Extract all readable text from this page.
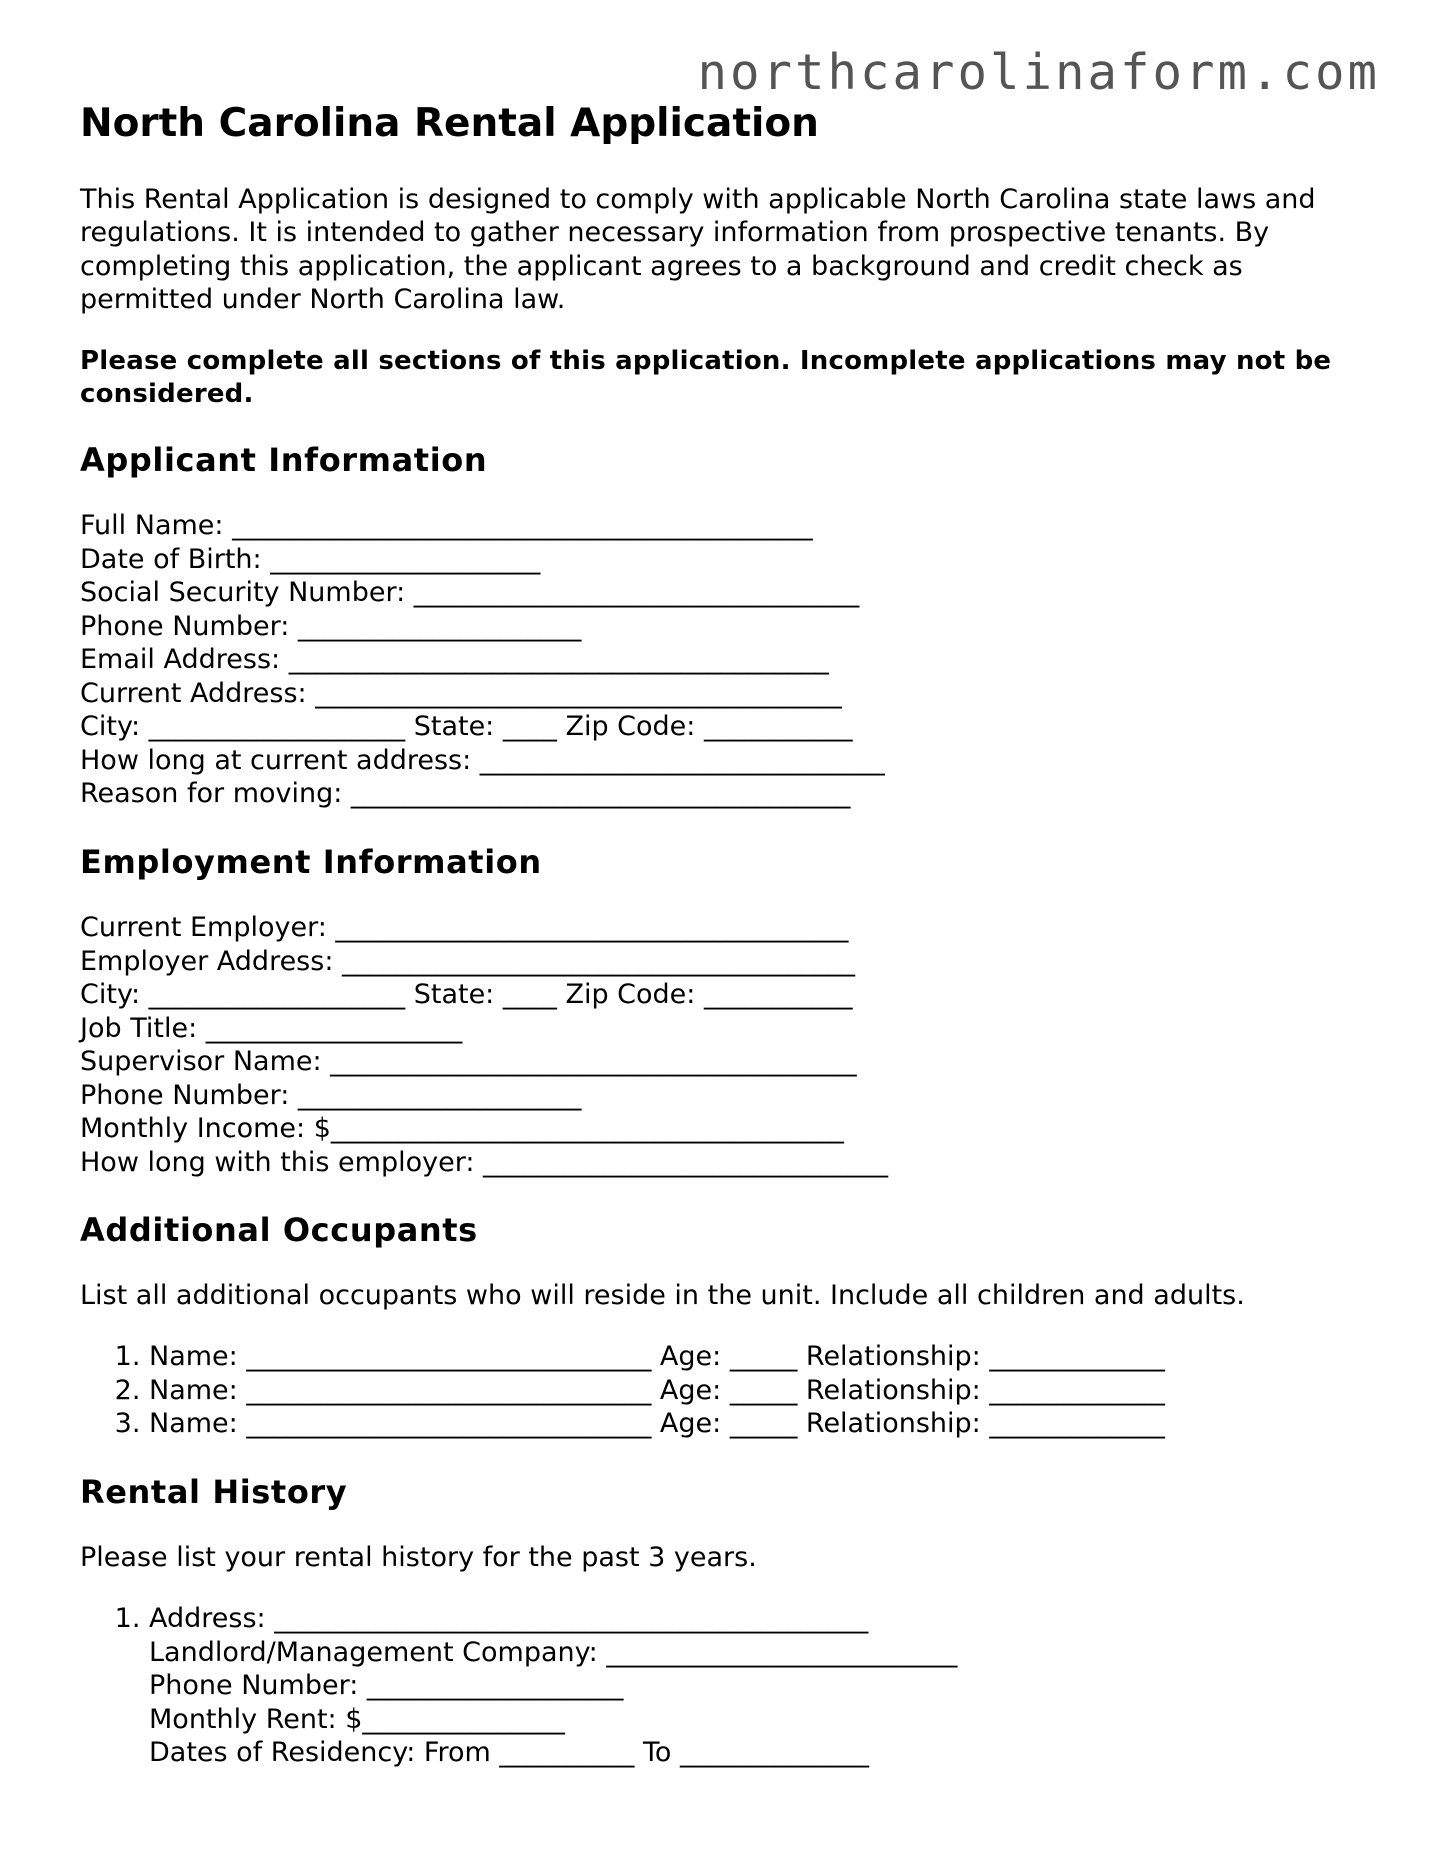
northcarolinaform.com
North Carolina Rental Application

This Rental Application is designed to comply with applicable North Carolina state laws and regulations. It is intended to gather necessary information from prospective tenants. By completing this application, the applicant agrees to a background and credit check as permitted under North Carolina law.

Please complete all sections of this application. Incomplete applications may not be considered.

Applicant Information
Full Name: ___________________________________________
Date of Birth: ____________________
Social Security Number: _________________________________
Phone Number: _____________________
Email Address: ________________________________________
Current Address: _______________________________________
City: ___________________ State: ____ Zip Code: ___________
How long at current address: ______________________________
Reason for moving: _____________________________________
Employment Information
Current Employer: ______________________________________
Employer Address: ______________________________________
City: ___________________ State: ____ Zip Code: ___________
Job Title: ___________________
Supervisor Name: _______________________________________
Phone Number: _____________________
Monthly Income: $______________________________________
How long with this employer: ______________________________
Additional Occupants

List all additional occupants who will reside in the unit. Include all children and adults.

1. Name: ______________________________ Age: _____ Relationship: _____________
2. Name: ______________________________ Age: _____ Relationship: _____________
3. Name: ______________________________ Age: _____ Relationship: _____________
Rental History

Please list your rental history for the past 3 years.

1. Address: ____________________________________________
Landlord/Management Company: __________________________
Phone Number: ___________________
Monthly Rent: $_______________
Dates of Residency: From __________ To ______________
